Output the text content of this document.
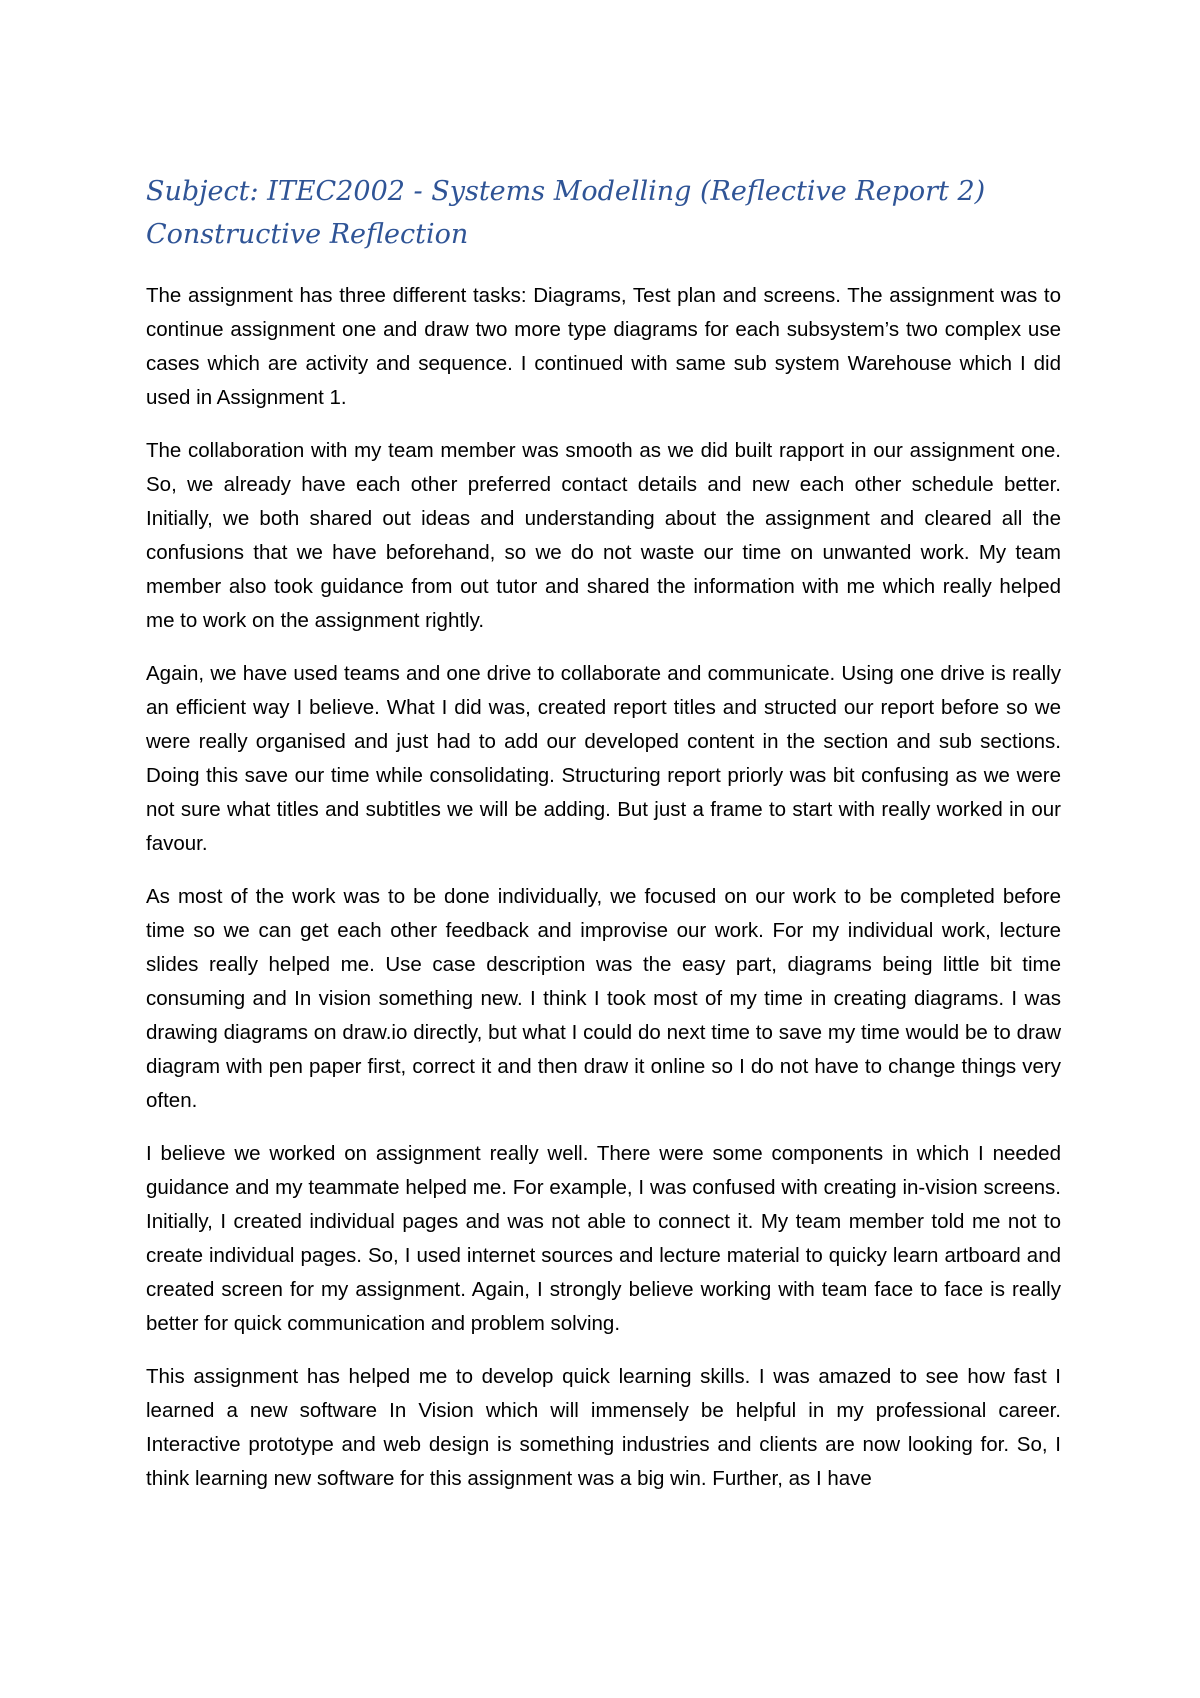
Subject: ITEC2002 - Systems Modelling (Reflective Report 2)
Constructive Reflection

The assignment has three different tasks: Diagrams, Test plan and screens. The assignment was to continue assignment one and draw two more type diagrams for each subsystem’s two complex use cases which are activity and sequence. I continued with same sub system Warehouse which I did used in Assignment 1.

The collaboration with my team member was smooth as we did built rapport in our assignment one. So, we already have each other preferred contact details and new each other schedule better. Initially, we both shared out ideas and understanding about the assignment and cleared all the confusions that we have beforehand, so we do not waste our time on unwanted work. My team member also took guidance from out tutor and shared the information with me which really helped me to work on the assignment rightly.

Again, we have used teams and one drive to collaborate and communicate. Using one drive is really an efficient way I believe. What I did was, created report titles and structed our report before so we were really organised and just had to add our developed content in the section and sub sections. Doing this save our time while consolidating. Structuring report priorly was bit confusing as we were not sure what titles and subtitles we will be adding. But just a frame to start with really worked in our favour.

As most of the work was to be done individually, we focused on our work to be completed before time so we can get each other feedback and improvise our work. For my individual work, lecture slides really helped me. Use case description was the easy part, diagrams being little bit time consuming and In vision something new. I think I took most of my time in creating diagrams. I was drawing diagrams on draw.io directly, but what I could do next time to save my time would be to draw diagram with pen paper first, correct it and then draw it online so I do not have to change things very often.

I believe we worked on assignment really well. There were some components in which I needed guidance and my teammate helped me. For example, I was confused with creating in-vision screens. Initially, I created individual pages and was not able to connect it. My team member told me not to create individual pages. So, I used internet sources and lecture material to quicky learn artboard and created screen for my assignment. Again, I strongly believe working with team face to face is really better for quick communication and problem solving.

This assignment has helped me to develop quick learning skills. I was amazed to see how fast I learned a new software In Vision which will immensely be helpful in my professional career. Interactive prototype and web design is something industries and clients are now looking for. So, I think learning new software for this assignment was a big win. Further, as I have
